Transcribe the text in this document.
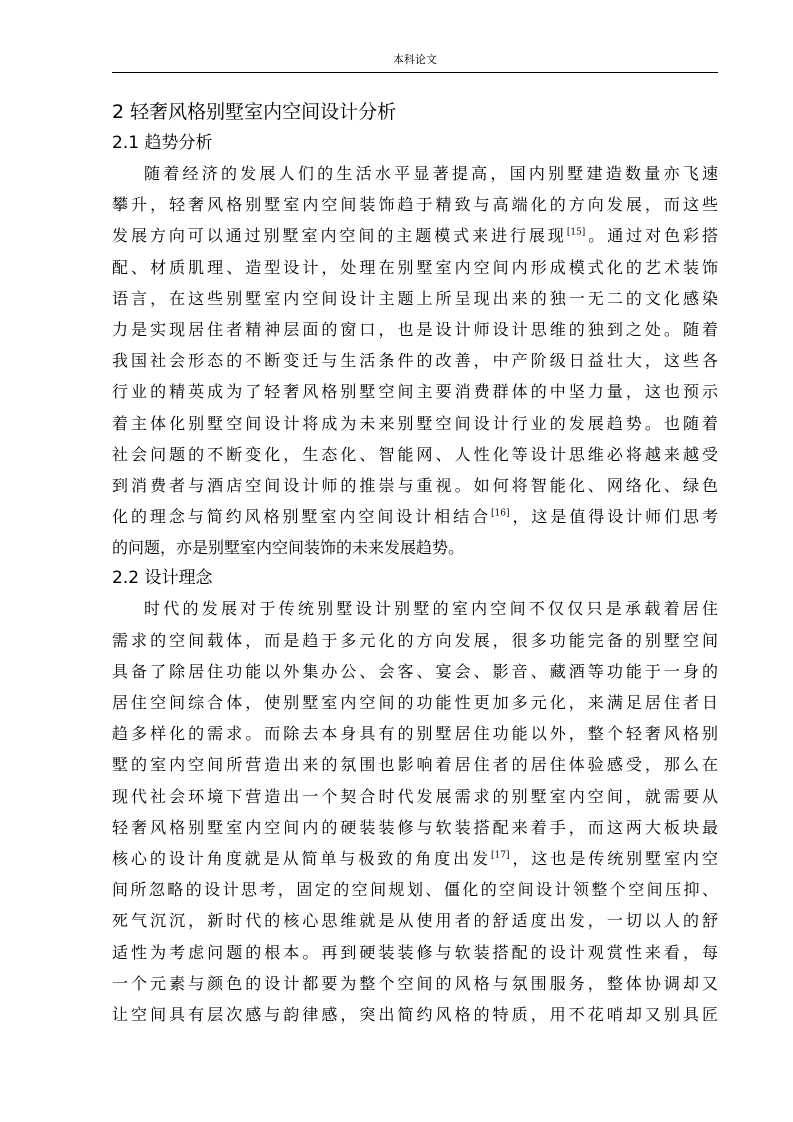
本科论文
2 轻奢风格别墅室内空间设计分析
2.1 趋势分析
随着经济的发展人们的生活水平显著提高，国内别墅建造数量亦飞速
攀升，轻奢风格别墅室内空间装饰趋于精致与高端化的方向发展，而这些
发展方向可以通过别墅室内空间的主题模式来进行展现[15]。通过对色彩搭
配、材质肌理、造型设计，处理在别墅室内空间内形成模式化的艺术装饰
语言，在这些别墅室内空间设计主题上所呈现出来的独一无二的文化感染
力是实现居住者精神层面的窗口，也是设计师设计思维的独到之处。随着
我国社会形态的不断变迁与生活条件的改善，中产阶级日益壮大，这些各
行业的精英成为了轻奢风格别墅空间主要消费群体的中坚力量，这也预示
着主体化别墅空间设计将成为未来别墅空间设计行业的发展趋势。也随着
社会问题的不断变化，生态化、智能网、人性化等设计思维必将越来越受
到消费者与酒店空间设计师的推崇与重视。如何将智能化、网络化、绿色
化的理念与简约风格别墅室内空间设计相结合[16]，这是值得设计师们思考
的问题，亦是别墅室内空间装饰的未来发展趋势。
2.2 设计理念
时代的发展对于传统别墅设计别墅的室内空间不仅仅只是承载着居住
需求的空间载体，而是趋于多元化的方向发展，很多功能完备的别墅空间
具备了除居住功能以外集办公、会客、宴会、影音、藏酒等功能于一身的
居住空间综合体，使别墅室内空间的功能性更加多元化，来满足居住者日
趋多样化的需求。而除去本身具有的别墅居住功能以外，整个轻奢风格别
墅的室内空间所营造出来的氛围也影响着居住者的居住体验感受，那么在
现代社会环境下营造出一个契合时代发展需求的别墅室内空间，就需要从
轻奢风格别墅室内空间内的硬装装修与软装搭配来着手，而这两大板块最
核心的设计角度就是从简单与极致的角度出发[17]，这也是传统别墅室内空
间所忽略的设计思考，固定的空间规划、僵化的空间设计领整个空间压抑、
死气沉沉，新时代的核心思维就是从使用者的舒适度出发，一切以人的舒
适性为考虑问题的根本。再到硬装装修与软装搭配的设计观赏性来看，每
一个元素与颜色的设计都要为整个空间的风格与氛围服务，整体协调却又
让空间具有层次感与韵律感，突出简约风格的特质，用不花哨却又别具匠
